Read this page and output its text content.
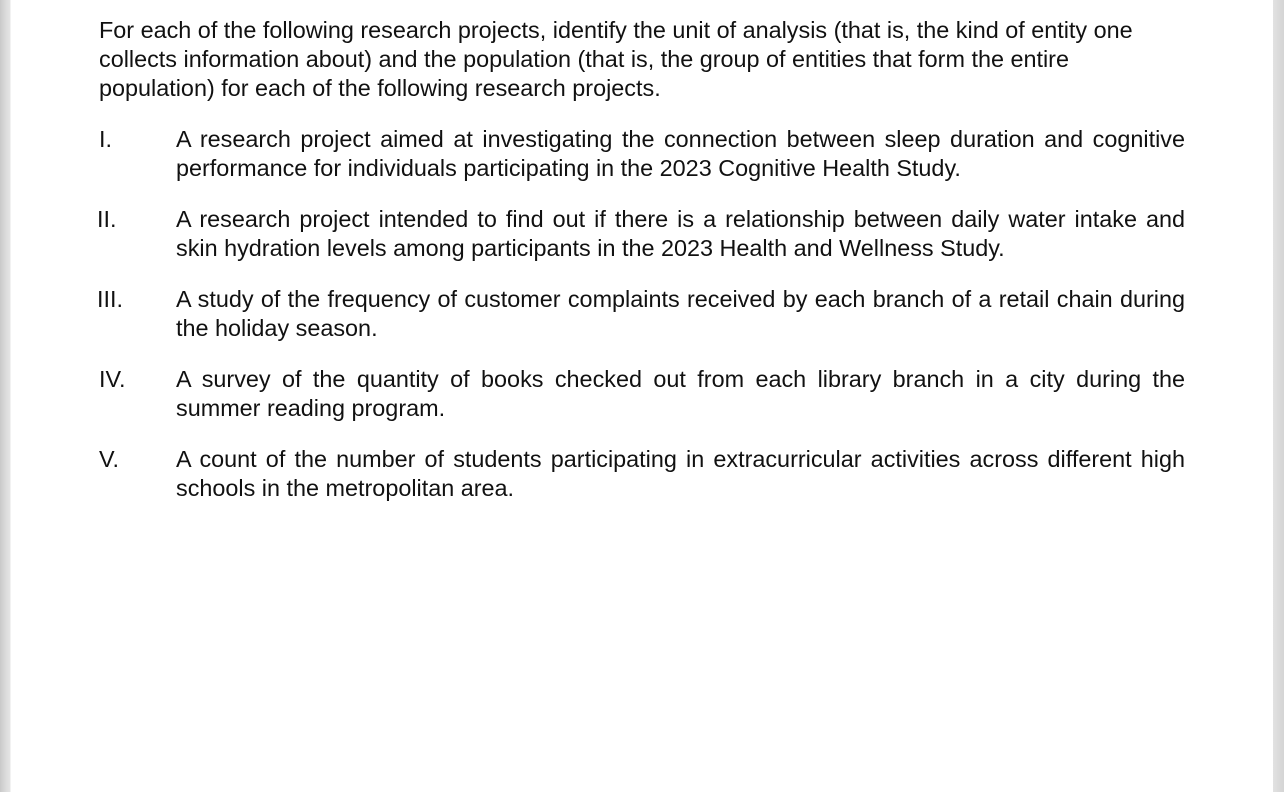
For each of the following research projects, identify the unit of analysis (that is, the kind of entity one collects information about) and the population (that is, the group of entities that form the entire population) for each of the following research projects.

I.	A research project aimed at investigating the connection between sleep duration and cognitive performance for individuals participating in the 2023 Cognitive Health Study.
II.	A research project intended to find out if there is a relationship between daily water intake and skin hydration levels among participants in the 2023 Health and Wellness Study.
III.	A study of the frequency of customer complaints received by each branch of a retail chain during the holiday season.
IV.	A survey of the quantity of books checked out from each library branch in a city during the summer reading program.
V.	A count of the number of students participating in extracurricular activities across different high schools in the metropolitan area.
